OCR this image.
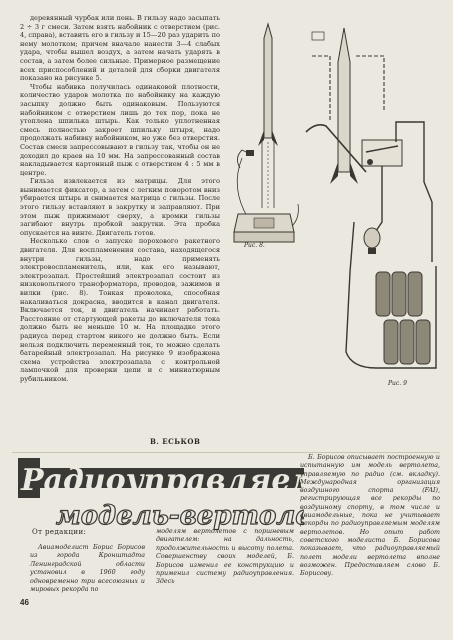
деревянный чурбак или пень. В гильзу надо засыпать 2 ÷ 3 г смеси. Затем взять набойник с отверстием (рис. 4, справа), вставить его в гильзу и 15—20 раз ударить по нему молотком; причем вначале нанести 3—4 слабых удара, чтобы вышел воздух, а затем начать ударять в состав, а затем более сильные. Примерное размещение всех приспособлений и деталей для сборки двигателя показано на рисунке 5.

Чтобы набивка получилась одинаковой плотности, количество ударов молотка по набойнику на каждую засыпку должно быть одинаковым. Пользуются набойником с отверстием лишь до тех пор, пока не утоплена шпилька штырь. Как только уплотненная смесь полностью закроет шпильку штыря, надо продолжать набивку набойником, но уже без отверстия. Состав смеси запрессовывают в гильзу так, чтобы он не доходил до краев на 10 мм. На запрессованный состав накладывается картонный пыж с отверстием 4 : 5 мм в центре.

Гильза извлекается из матрицы. Для этого вынимается фиксатор, а затем с легким поворотом вниз убирается штырь и снимается матрица с гильзы. После этого гильзу вставляют в закрутку и заправляют. При этом пыж прижимают сверху, а кромки гильзы загибают внутрь пробкой закрутки. Эта пробка опускается на винте. Двигатель готов.

Несколько слов о запуске порохового ракетного двигателя. Для воспламенения состава, находящегося внутри гильзы, надо применять электровоспламенитель, или, как его называют, электрозапал. Простейший электрозапал состоит из низковольтного трансформатора, проводов, зажимов и вилки (рис. 8). Тонкая проволока, способная накаливаться докрасна, вводится в канал двигателя. Включается ток, и двигатель начинает работать. Расстояние от стартующей ракеты до включателя тока должно быть не меньше 10 м. На площадке этого радиуса перед стартом никого не должно быть. Если нельзя подключить переменный ток, то можно сделать батарейный электрозапал. На рисунке 9 изображена схема устройства электрозапала с контрольной лампочкой для проверки цепи и с миниатюрным рубильником.

В. ЕСЬКОВ
Рис. 8.
Рис. 9
Радиоуправляе
модель-вертол

Б. Борисов описывает построенную и испытанную им модель вертолета, управляемую по радио (см. вкладку). Международная организация воздушного спорта (FAI), регистрирующая все рекорды по воздушному спорту, в том числе и авиамодельные, пока не учитывает рекорды по радиоуправляемым моделям вертолетов. Но опыт работ советского моделиста Б. Борисова показывает, что радиоуправляемый полет модели вертолета вполне возможен. Предоставляем слово Б. Борисову.

От редакции:

Авиамоделист Борис Борисов из города Кронштадта Ленинградской области установил в 1960 году одновременно три всесоюзных и мировых рекорда по

моделям вертолетов с поршневым двигателем: на дальность, продолжительность и высоту полета. Совершенству своих моделей, Б. Борисов изменил ее конструкцию и применил систему радиоуправления. Здесь

46
